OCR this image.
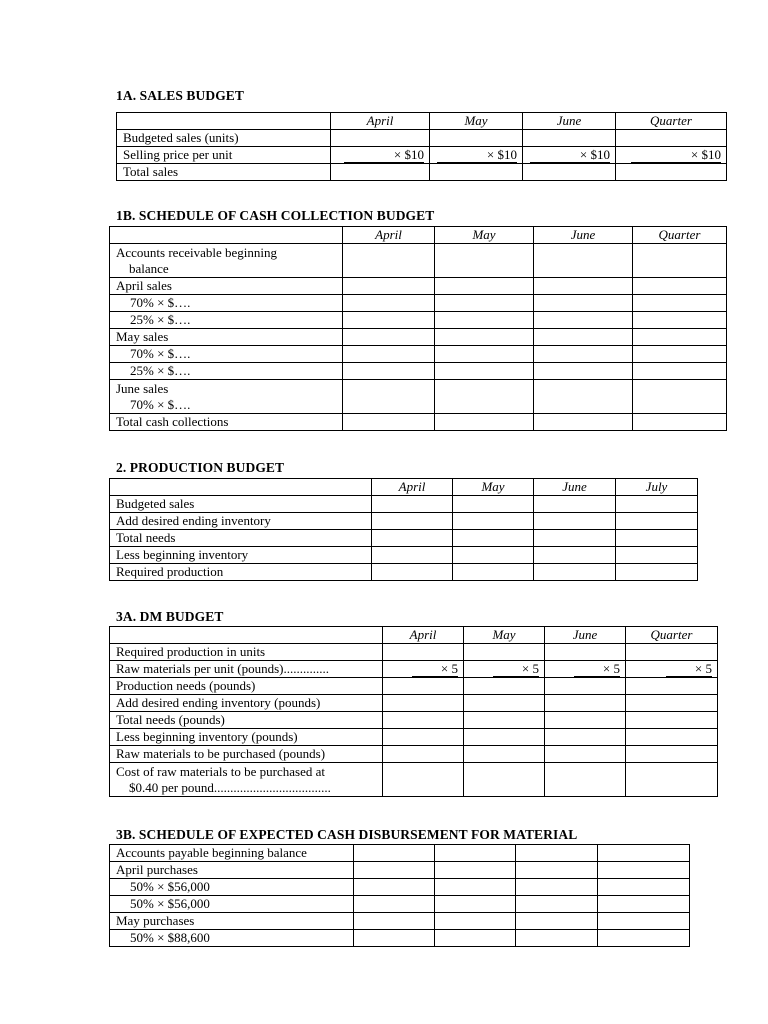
1A. SALES BUDGET
	April	May	June	Quarter
Budgeted sales (units)				
Selling price per unit	× $10	× $10	× $10	× $10
Total sales				
1B. SCHEDULE OF CASH COLLECTION BUDGET
	April	May	June	Quarter

Accounts receivable beginning
balance				

April sales				
70% × $….				
25% × $….				
May sales				
70% × $….				
25% × $….				

June sales
70% × $….				

Total cash collections				
2. PRODUCTION BUDGET
	April	May	June	July
Budgeted sales				
Add desired ending inventory				
Total needs				
Less beginning inventory				
Required production				
3A. DM BUDGET
	April	May	June	Quarter
Required production in units				
Raw materials per unit (pounds)..............	× 5	× 5	× 5	× 5
Production needs (pounds)				
Add desired ending inventory (pounds)				
Total needs (pounds)				
Less beginning inventory (pounds)				
Raw materials to be purchased (pounds)				

Cost of raw materials to be purchased at
$0.40 per pound....................................				

3B. SCHEDULE OF EXPECTED CASH DISBURSEMENT FOR MATERIAL
Accounts payable beginning balance				
April purchases				
50% × $56,000				
50% × $56,000				
May purchases				
50% × $88,600				
